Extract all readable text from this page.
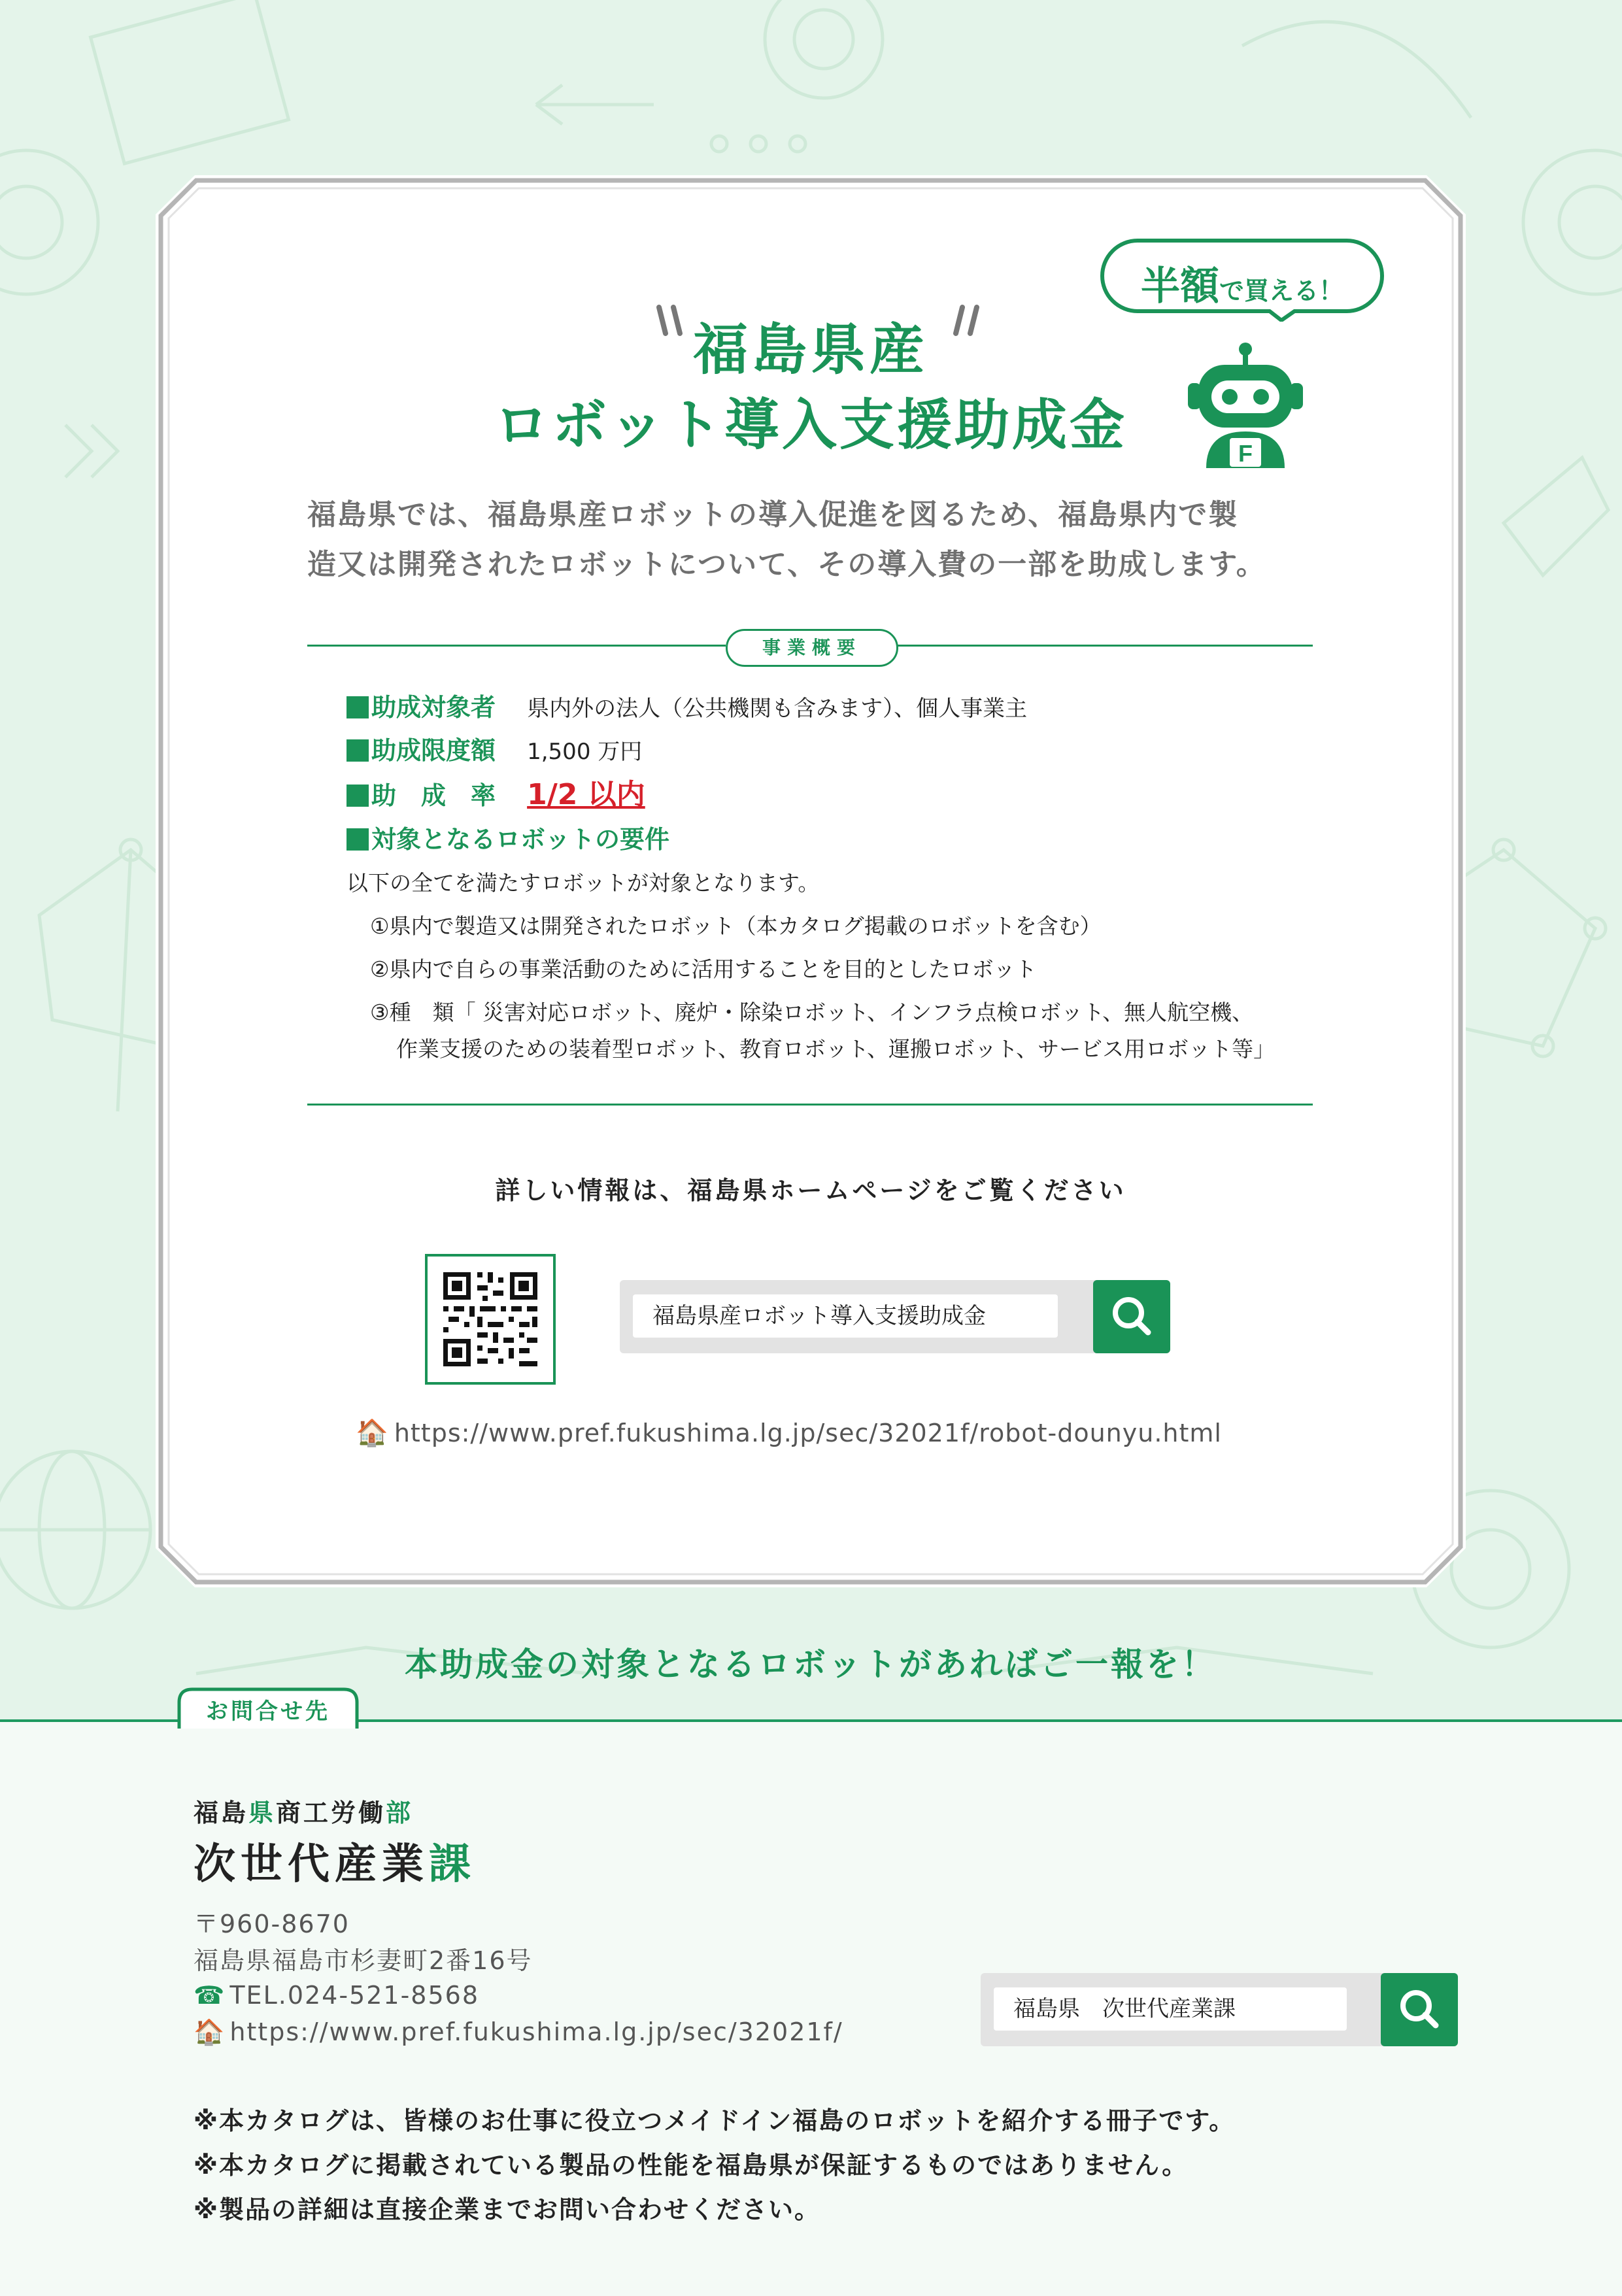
福島県産
ロボット導入支援助成金
半額で買える！
F
福島県では、福島県産ロボットの導入促進を図るため、福島県内で製
造又は開発されたロボットについて、その導入費の一部を助成します。
事業概要
助成対象者 県内外の法人（公共機関も含みます）、個人事業主
助成限度額 1,500 万円
助　成　率 1/2 以内
対象となるロボットの要件
以下の全てを満たすロボットが対象となります。
①県内で製造又は開発されたロボット（本カタログ掲載のロボットを含む）
②県内で自らの事業活動のために活用することを目的としたロボット
③種　類「 災害対応ロボット、廃炉・除染ロボット、インフラ点検ロボット、無人航空機、
作業支援のための装着型ロボット、教育ロボット、運搬ロボット、サービス用ロボット等」
詳しい情報は、福島県ホームページをご覧ください
福島県産ロボット導入支援助成金
🏠 https://www.pref.fukushima.lg.jp/sec/32021f/robot-dounyu.html
本助成金の対象となるロボットがあればご一報を！
お問合せ先
福島県商工労働部
次世代産業課
〒960-8670
福島県福島市杉妻町2番16号
☎ TEL.024-521-8568
🏠 https://www.pref.fukushima.lg.jp/sec/32021f/
福島県　次世代産業課
※本カタログは、皆様のお仕事に役立つメイドイン福島のロボットを紹介する冊子です。
※本カタログに掲載されている製品の性能を福島県が保証するものではありません。
※製品の詳細は直接企業までお問い合わせください。
